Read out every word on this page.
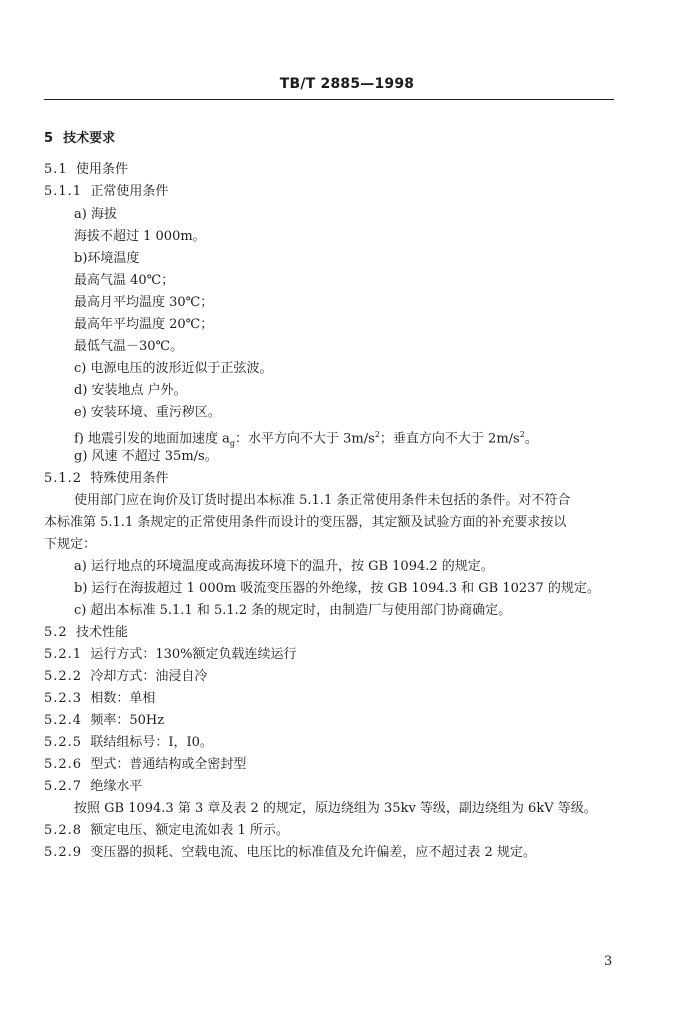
TB/T 2885—1998
5 技术要求
5.1 使用条件
5.1.1 正常使用条件
a) 海拔
海拔不超过 1 000m。
b)环境温度
最高气温 40℃；
最高月平均温度 30℃；
最高年平均温度 20℃；
最低气温－30℃。
c) 电源电压的波形近似于正弦波。
d) 安装地点 户外。
e) 安装环境、重污秽区。
f) 地震引发的地面加速度 $a_g$：水平方向不大于 $3m/s^2$；垂直方向不大于 $2m/s^2$。
g) 风速 不超过 35m/s。
5.1.2 特殊使用条件
使用部门应在询价及订货时提出本标准 5.1.1 条正常使用条件未包括的条件。对不符合
本标准第 5.1.1 条规定的正常使用条件而设计的变压器，其定额及试验方面的补充要求按以
下规定：
a) 运行地点的环境温度或高海拔环境下的温升，按 GB 1094.2 的规定。
b) 运行在海拔超过 1 000m 吸流变压器的外绝缘，按 GB 1094.3 和 GB 10237 的规定。
c) 超出本标准 5.1.1 和 5.1.2 条的规定时，由制造厂与使用部门协商确定。
5.2 技术性能
5.2.1 运行方式：130%额定负载连续运行
5.2.2 冷却方式：油浸自冷
5.2.3 相数：单相
5.2.4 频率：50Hz
5.2.5 联结组标号：I，I0。
5.2.6 型式：普通结构或全密封型
5.2.7 绝缘水平
按照 GB 1094.3 第 3 章及表 2 的规定，原边绕组为 35kv 等级，副边绕组为 6kV 等级。
5.2.8 额定电压、额定电流如表 1 所示。
5.2.9 变压器的损耗、空载电流、电压比的标准值及允许偏差，应不超过表 2 规定。
3
